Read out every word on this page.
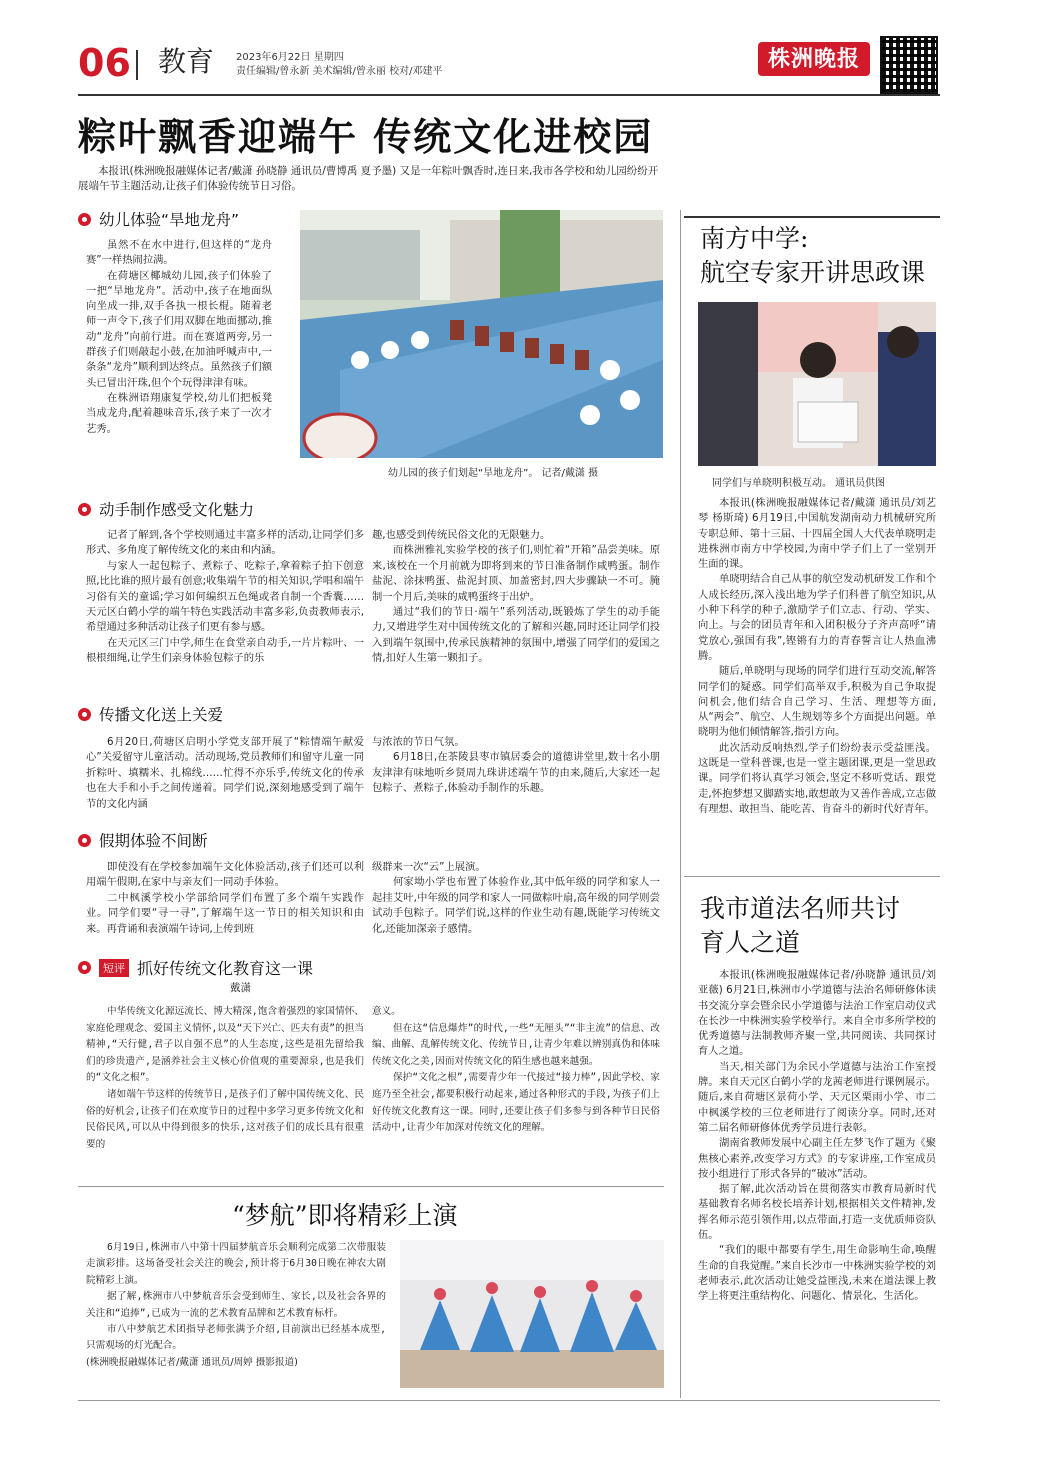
06 教育 2023年6月22日 星期四
责任编辑/曾永新 美术编辑/曾永丽 校对/邓建平	株洲晚报
粽叶飘香迎端午 传统文化进校园
本报讯(株洲晚报融媒体记者/戴潇 孙晓静 通讯员/曹博禹 夏予墨) 又是一年粽叶飘香时,连日来,我市各学校和幼儿园纷纷开展端午节主题活动,让孩子们体验传统节日习俗。
幼儿体验“旱地龙舟”

虽然不在水中进行,但这样的“龙舟赛”一样热闹拉满。

在荷塘区椰城幼儿园,孩子们体验了一把“旱地龙舟”。活动中,孩子在地面纵向坐成一排,双手各执一根长棍。随着老师一声令下,孩子们用双脚在地面挪动,推动“龙舟”向前行进。而在赛道两旁,另一群孩子们则敲起小鼓,在加油呼喊声中,一条条“龙舟”顺利到达终点。虽然孩子们额头已冒出汗珠,但个个玩得津津有味。

在株洲语翔康复学校,幼儿们把板凳当成龙舟,配着趣味音乐,孩子来了一次才艺秀。

幼儿园的孩子们划起“旱地龙舟”。 记者/戴潇 摄
动手制作感受文化魅力

记者了解到,各个学校则通过丰富多样的活动,让同学们多形式、多角度了解传统文化的来由和内涵。

与家人一起包粽子、煮粽子、吃粽子,拿着粽子拍下创意照,比比谁的照片最有创意;收集端午节的相关知识,学唱和端午习俗有关的童谣;学习如何编织五色绳或者自制一个香囊……天元区白鹤小学的端午特色实践活动丰富多彩,负责教师表示,希望通过多种活动让孩子们更有参与感。

在天元区三门中学,师生在食堂亲自动手,一片片粽叶、一根根细绳,让学生们亲身体验包粽子的乐

趣,也感受到传统民俗文化的无限魅力。

而株洲雅礼实验学校的孩子们,则忙着“开箱”品尝美味。原来,该校在一个月前就为即将到来的节日准备制作咸鸭蛋。制作盐泥、涂抹鸭蛋、盐泥封顶、加盖密封,四大步骤缺一不可。腌制一个月后,美味的咸鸭蛋终于出炉。

通过“我们的节日·端午”系列活动,既锻炼了学生的动手能力,又增进学生对中国传统文化的了解和兴趣,同时还让同学们投入到端午氛围中,传承民族精神的氛围中,增强了同学们的爱国之情,扣好人生第一颗扣子。

传播文化送上关爱

6月20日,荷塘区启明小学党支部开展了“粽情端午献爱心”关爱留守儿童活动。活动现场,党员教师们和留守儿童一同折粽叶、填糯米、扎棉线……忙得不亦乐乎,传统文化的传承也在大手和小手之间传递着。同学们说,深刻地感受到了端午节的文化内涵

与浓浓的节日气氛。

6月18日,在茶陵县枣市镇居委会的道德讲堂里,数十名小朋友津津有味地听乡贤周九珠讲述端午节的由来,随后,大家还一起包粽子、煮粽子,体验动手制作的乐趣。

假期体验不间断

即使没有在学校参加端午文化体验活动,孩子们还可以利用端午假期,在家中与亲友们一同动手体验。

二中枫溪学校小学部给同学们布置了多个端午实践作业。同学们要“寻一寻”,了解端午这一节日的相关知识和由来。再背诵和表演端午诗词,上传到班

级群来一次“云”上展演。

何家坳小学也布置了体验作业,其中低年级的同学和家人一起挂艾叶,中年级的同学和家人一同做粽叶扇,高年级的同学则尝试动手包粽子。同学们说,这样的作业生动有趣,既能学习传统文化,还能加深亲子感情。

短评 抓好传统文化教育这一课
戴潇

中华传统文化源远流长、博大精深,饱含着强烈的家国情怀、家庭伦理观念、爱国主义情怀,以及“天下兴亡、匹夫有责”的担当精神,“天行健,君子以自强不息”的人生态度,这些是祖先留给我们的珍贵遗产,是涵养社会主义核心价值观的重要源泉,也是我们的“文化之根”。

诸如端午节这样的传统节日,是孩子们了解中国传统文化、民俗的好机会,让孩子们在欢度节日的过程中多学习更多传统文化和民俗民风,可以从中得到很多的快乐,这对孩子们的成长具有很重要的

意义。

但在这“信息爆炸”的时代,一些“无厘头”“非主流”的信息、改编、曲解、乱解传统文化、传统节日,让青少年难以辨别真伪和体味传统文化之美,因而对传统文化的陌生感也越来越强。

保护“文化之根”,需要青少年一代接过“接力棒”,因此学校、家庭乃至全社会,都要积极行动起来,通过各种形式的手段,为孩子们上好传统文化教育这一课。同时,还要让孩子们多参与到各种节日民俗活动中,让青少年加深对传统文化的理解。

“梦航”即将精彩上演

6月19日,株洲市八中第十四届梦航音乐会顺利完成第二次带服装走演彩排。这场备受社会关注的晚会,预计将于6月30日晚在神农大剧院精彩上演。

据了解,株洲市八中梦航音乐会受到师生、家长,以及社会各界的关注和“追捧”,已成为一流的艺术教育品牌和艺术教育标杆。

市八中梦航艺术团指导老师张满予介绍,目前演出已经基本成型,只需观场的灯光配合。

(株洲晚报融媒体记者/戴潇 通讯员/周婷 摄影报道)

南方中学:
航空专家开讲思政课
同学们与单晓明积极互动。 通讯员供图

本报讯(株洲晚报融媒体记者/戴潇 通讯员/刘艺琴 杨斯琦) 6月19日,中国航发湖南动力机械研究所专职总师、第十三届、十四届全国人大代表单晓明走进株洲市南方中学校园,为南中学子们上了一堂别开生面的课。

单晓明结合自己从事的航空发动机研发工作和个人成长经历,深入浅出地为学子们科普了航空知识,从小种下科学的种子,激励学子们立志、行动、学实、向上。与会的团员青年和入团积极分子齐声高呼“请党放心,强国有我”,铿锵有力的青春誓言让人热血沸腾。

随后,单晓明与现场的同学们进行互动交流,解答同学们的疑惑。同学们高举双手,积极为自己争取提问机会,他们结合自己学习、生活、理想等方面,从“两会”、航空、人生规划等多个方面提出问题。单晓明为他们倾情解答,指引方向。

此次活动反响热烈,学子们纷纷表示受益匪浅。这既是一堂科普课,也是一堂主题团课,更是一堂思政课。同学们将认真学习领会,坚定不移听党话、跟党走,怀抱梦想又脚踏实地,敢想敢为又善作善成,立志做有理想、敢担当、能吃苦、肯奋斗的新时代好青年。

我市道法名师共讨
育人之道

本报讯(株洲晚报融媒体记者/孙晓静 通讯员/刘亚薇) 6月21日,株洲市小学道德与法治名师研修体读书交流分享会暨余民小学道德与法治工作室启动仪式在长沙一中株洲实验学校举行。来自全市多所学校的优秀道德与法制教师齐聚一堂,共同阅读、共同探讨育人之道。

当天,相关部门为余民小学道德与法治工作室授牌。来自天元区白鹤小学的龙茜老师进行课例展示。随后,来自荷塘区景荷小学、天元区栗雨小学、市二中枫溪学校的三位老师进行了阅读分享。同时,还对第二届名师研修体优秀学员进行表彰。

湖南省教师发展中心副主任左梦飞作了题为《聚焦核心素养,改变学习方式》的专家讲座,工作室成员按小组进行了形式各异的“破冰”活动。

据了解,此次活动旨在贯彻落实市教育局新时代基础教育名师名校长培养计划,根据相关文件精神,发挥名师示范引领作用,以点带面,打造一支优质师资队伍。

“我们的眼中都要有学生,用生命影响生命,唤醒生命的自我觉醒。”来自长沙市一中株洲实验学校的刘老师表示,此次活动让她受益匪浅,未来在道法课上教学上将更注重结构化、问题化、情景化、生活化。
